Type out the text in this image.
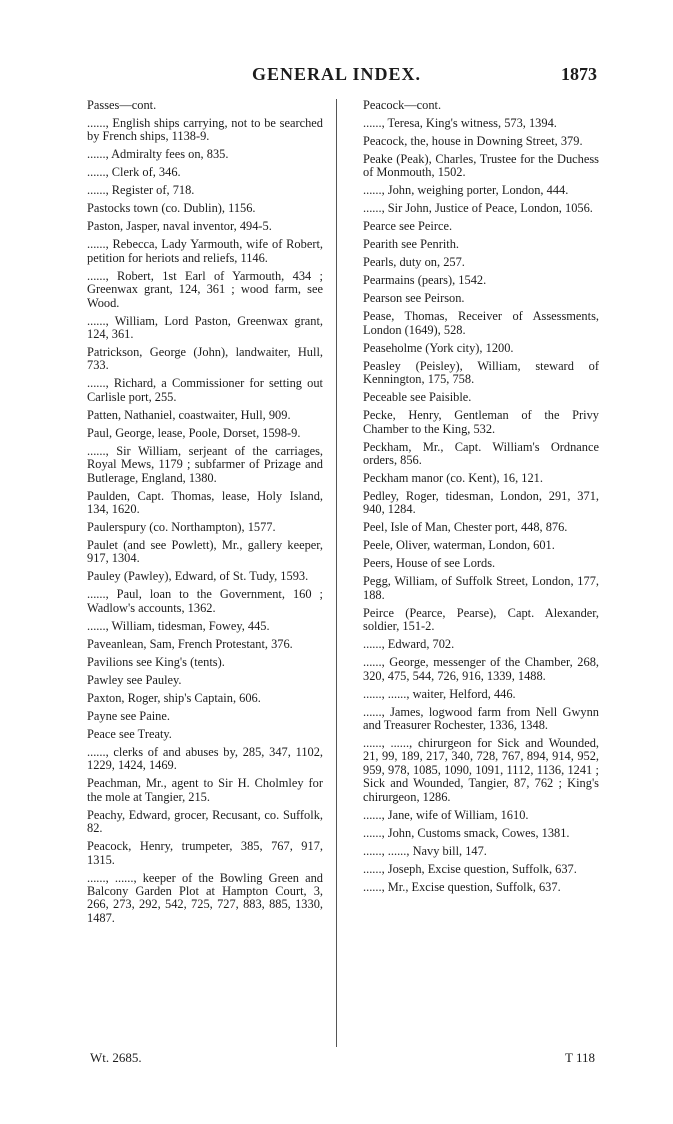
GENERAL INDEX.	1873
Passes—cont.
......, English ships carrying, not to be searched by French ships, 1138-9.
......, Admiralty fees on, 835.
......, Clerk of, 346.
......, Register of, 718.
Pastocks town (co. Dublin), 1156.
Paston, Jasper, naval inventor, 494-5.
......, Rebecca, Lady Yarmouth, wife of Robert, petition for heriots and reliefs, 1146.
......, Robert, 1st Earl of Yarmouth, 434 ; Greenwax grant, 124, 361 ; wood farm, see Wood.
......, William, Lord Paston, Greenwax grant, 124, 361.
Patrickson, George (John), landwaiter, Hull, 733.
......, Richard, a Commissioner for setting out Carlisle port, 255.
Patten, Nathaniel, coastwaiter, Hull, 909.
Paul, George, lease, Poole, Dorset, 1598-9.
......, Sir William, serjeant of the carriages, Royal Mews, 1179 ; subfarmer of Prizage and Butlerage, England, 1380.
Paulden, Capt. Thomas, lease, Holy Island, 134, 1620.
Paulerspury (co. Northampton), 1577.
Paulet (and see Powlett), Mr., gallery keeper, 917, 1304.
Pauley (Pawley), Edward, of St. Tudy, 1593.
......, Paul, loan to the Government, 160 ; Wadlow's accounts, 1362.
......, William, tidesman, Fowey, 445.
Paveanlean, Sam, French Protestant, 376.
Pavilions see King's (tents).
Pawley see Pauley.
Paxton, Roger, ship's Captain, 606.
Payne see Paine.
Peace see Treaty.
......, clerks of and abuses by, 285, 347, 1102, 1229, 1424, 1469.
Peachman, Mr., agent to Sir H. Cholmley for the mole at Tangier, 215.
Peachy, Edward, grocer, Recusant, co. Suffolk, 82.
Peacock, Henry, trumpeter, 385, 767, 917, 1315.
......, ......, keeper of the Bowling Green and Balcony Garden Plot at Hampton Court, 3, 266, 273, 292, 542, 725, 727, 883, 885, 1330, 1487.
Peacock—cont.
......, Teresa, King's witness, 573, 1394.
Peacock, the, house in Downing Street, 379.
Peake (Peak), Charles, Trustee for the Duchess of Monmouth, 1502.
......, John, weighing porter, London, 444.
......, Sir John, Justice of Peace, London, 1056.
Pearce see Peirce.
Pearith see Penrith.
Pearls, duty on, 257.
Pearmains (pears), 1542.
Pearson see Peirson.
Pease, Thomas, Receiver of Assessments, London (1649), 528.
Peaseholme (York city), 1200.
Peasley (Peisley), William, steward of Kennington, 175, 758.
Peceable see Paisible.
Pecke, Henry, Gentleman of the Privy Chamber to the King, 532.
Peckham, Mr., Capt. William's Ordnance orders, 856.
Peckham manor (co. Kent), 16, 121.
Pedley, Roger, tidesman, London, 291, 371, 940, 1284.
Peel, Isle of Man, Chester port, 448, 876.
Peele, Oliver, waterman, London, 601.
Peers, House of see Lords.
Pegg, William, of Suffolk Street, London, 177, 188.
Peirce (Pearce, Pearse), Capt. Alexander, soldier, 151-2.
......, Edward, 702.
......, George, messenger of the Chamber, 268, 320, 475, 544, 726, 916, 1339, 1488.
......, ......, waiter, Helford, 446.
......, James, logwood farm from Nell Gwynn and Treasurer Rochester, 1336, 1348.
......, ......, chirurgeon for Sick and Wounded, 21, 99, 189, 217, 340, 728, 767, 894, 914, 952, 959, 978, 1085, 1090, 1091, 1112, 1136, 1241 ; Sick and Wounded, Tangier, 87, 762 ; King's chirurgeon, 1286.
......, Jane, wife of William, 1610.
......, John, Customs smack, Cowes, 1381.
......, ......, Navy bill, 147.
......, Joseph, Excise question, Suffolk, 637.
......, Mr., Excise question, Suffolk, 637.
Wt. 2685.	T 118
